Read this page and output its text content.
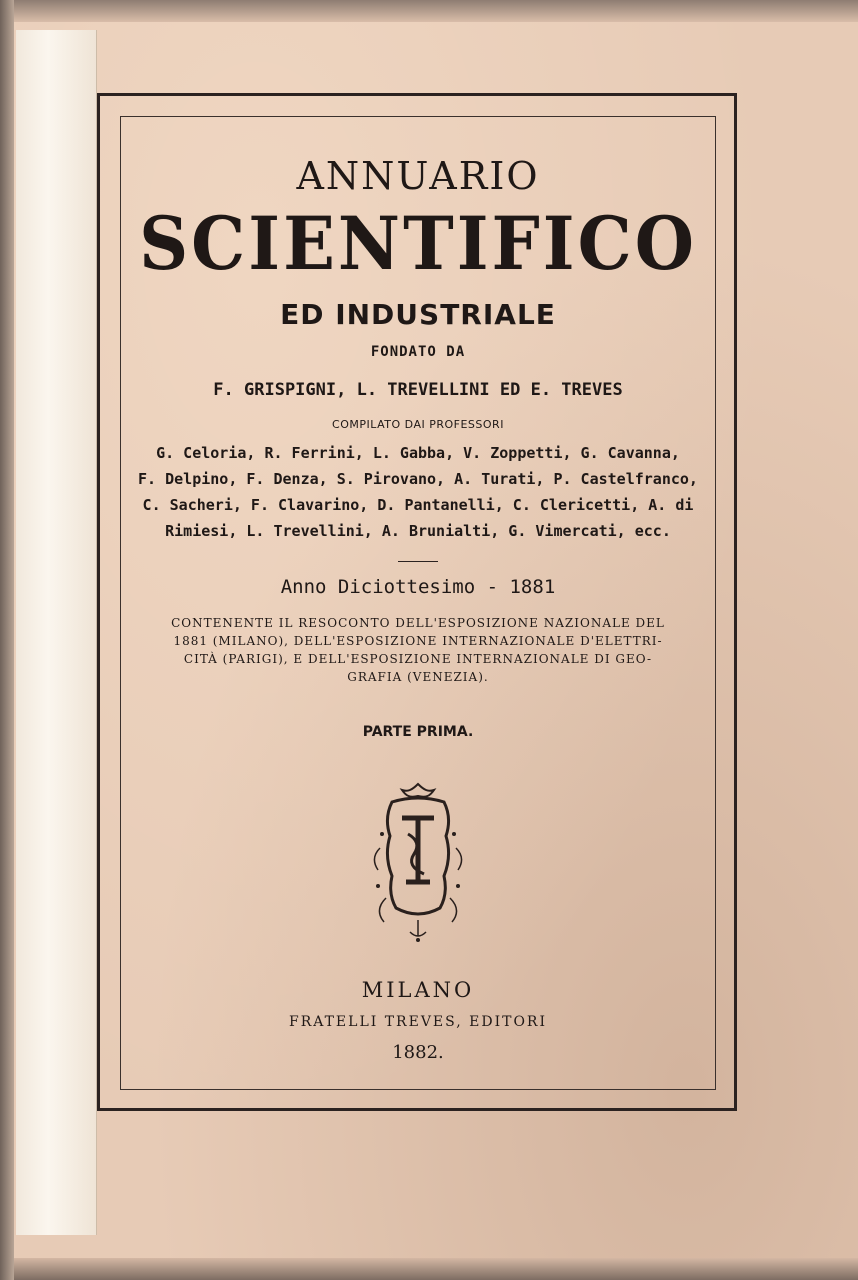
ANNUARIO
SCIENTIFICO
ED INDUSTRIALE
FONDATO DA
F. GRISPIGNI, L. TREVELLINI ED E. TREVES
COMPILATO DAI PROFESSORI
G. Celoria, R. Ferrini, L. Gabba, V. Zoppetti, G. Cavanna,
F. Delpino, F. Denza, S. Pirovano, A. Turati, P. Castelfranco,
C. Sacheri, F. Clavarino, D. Pantanelli, C. Clericetti, A. di
Rimiesi, L. Trevellini, A. Brunialti, G. Vimercati, ecc.
Anno Diciottesimo - 1881
CONTENENTE IL RESOCONTO DELL'ESPOSIZIONE NAZIONALE DEL
1881 (MILANO), DELL'ESPOSIZIONE INTERNAZIONALE D'ELETTRI-
CITÀ (PARIGI), E DELL'ESPOSIZIONE INTERNAZIONALE DI GEO-
GRAFIA (VENEZIA).
PARTE PRIMA.
MILANO
FRATELLI TREVES, EDITORI
1882.
